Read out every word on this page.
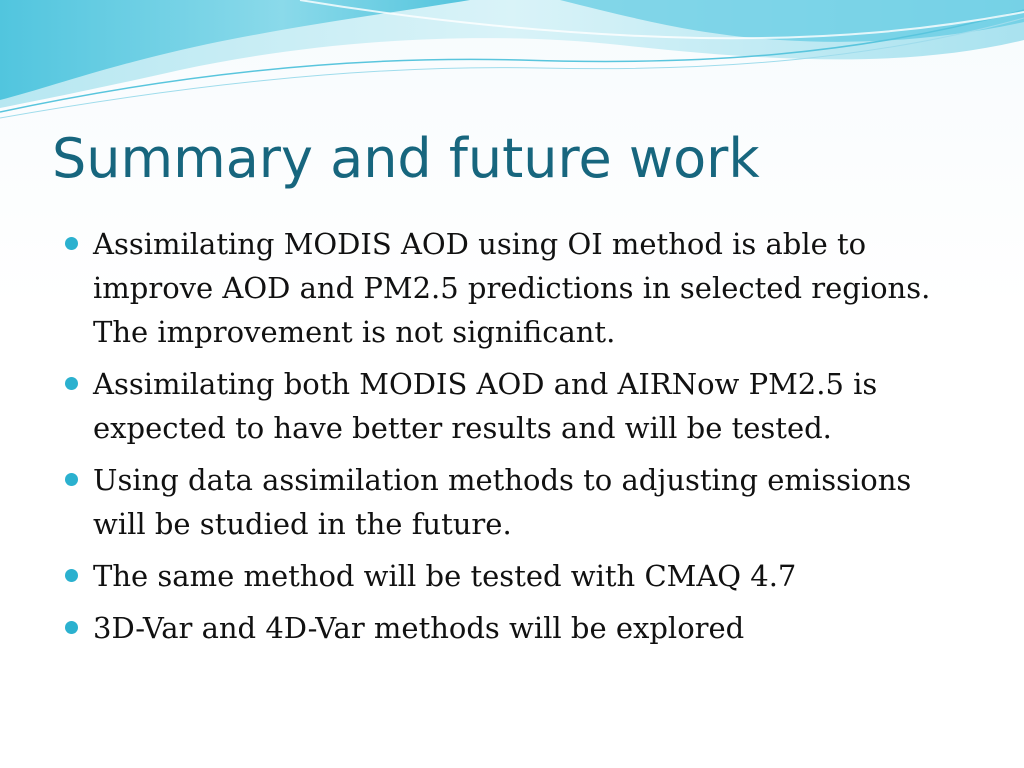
Summary and future work
Assimilating MODIS AOD using OI method is able to improve AOD and PM2.5 predictions in selected regions. The improvement is not significant.
Assimilating both MODIS AOD and AIRNow PM2.5 is expected to have better results and will be tested.
Using data assimilation methods to adjusting emissions will be studied in the future.
The same method will be tested with CMAQ 4.7
3D-Var and 4D-Var methods will be explored
